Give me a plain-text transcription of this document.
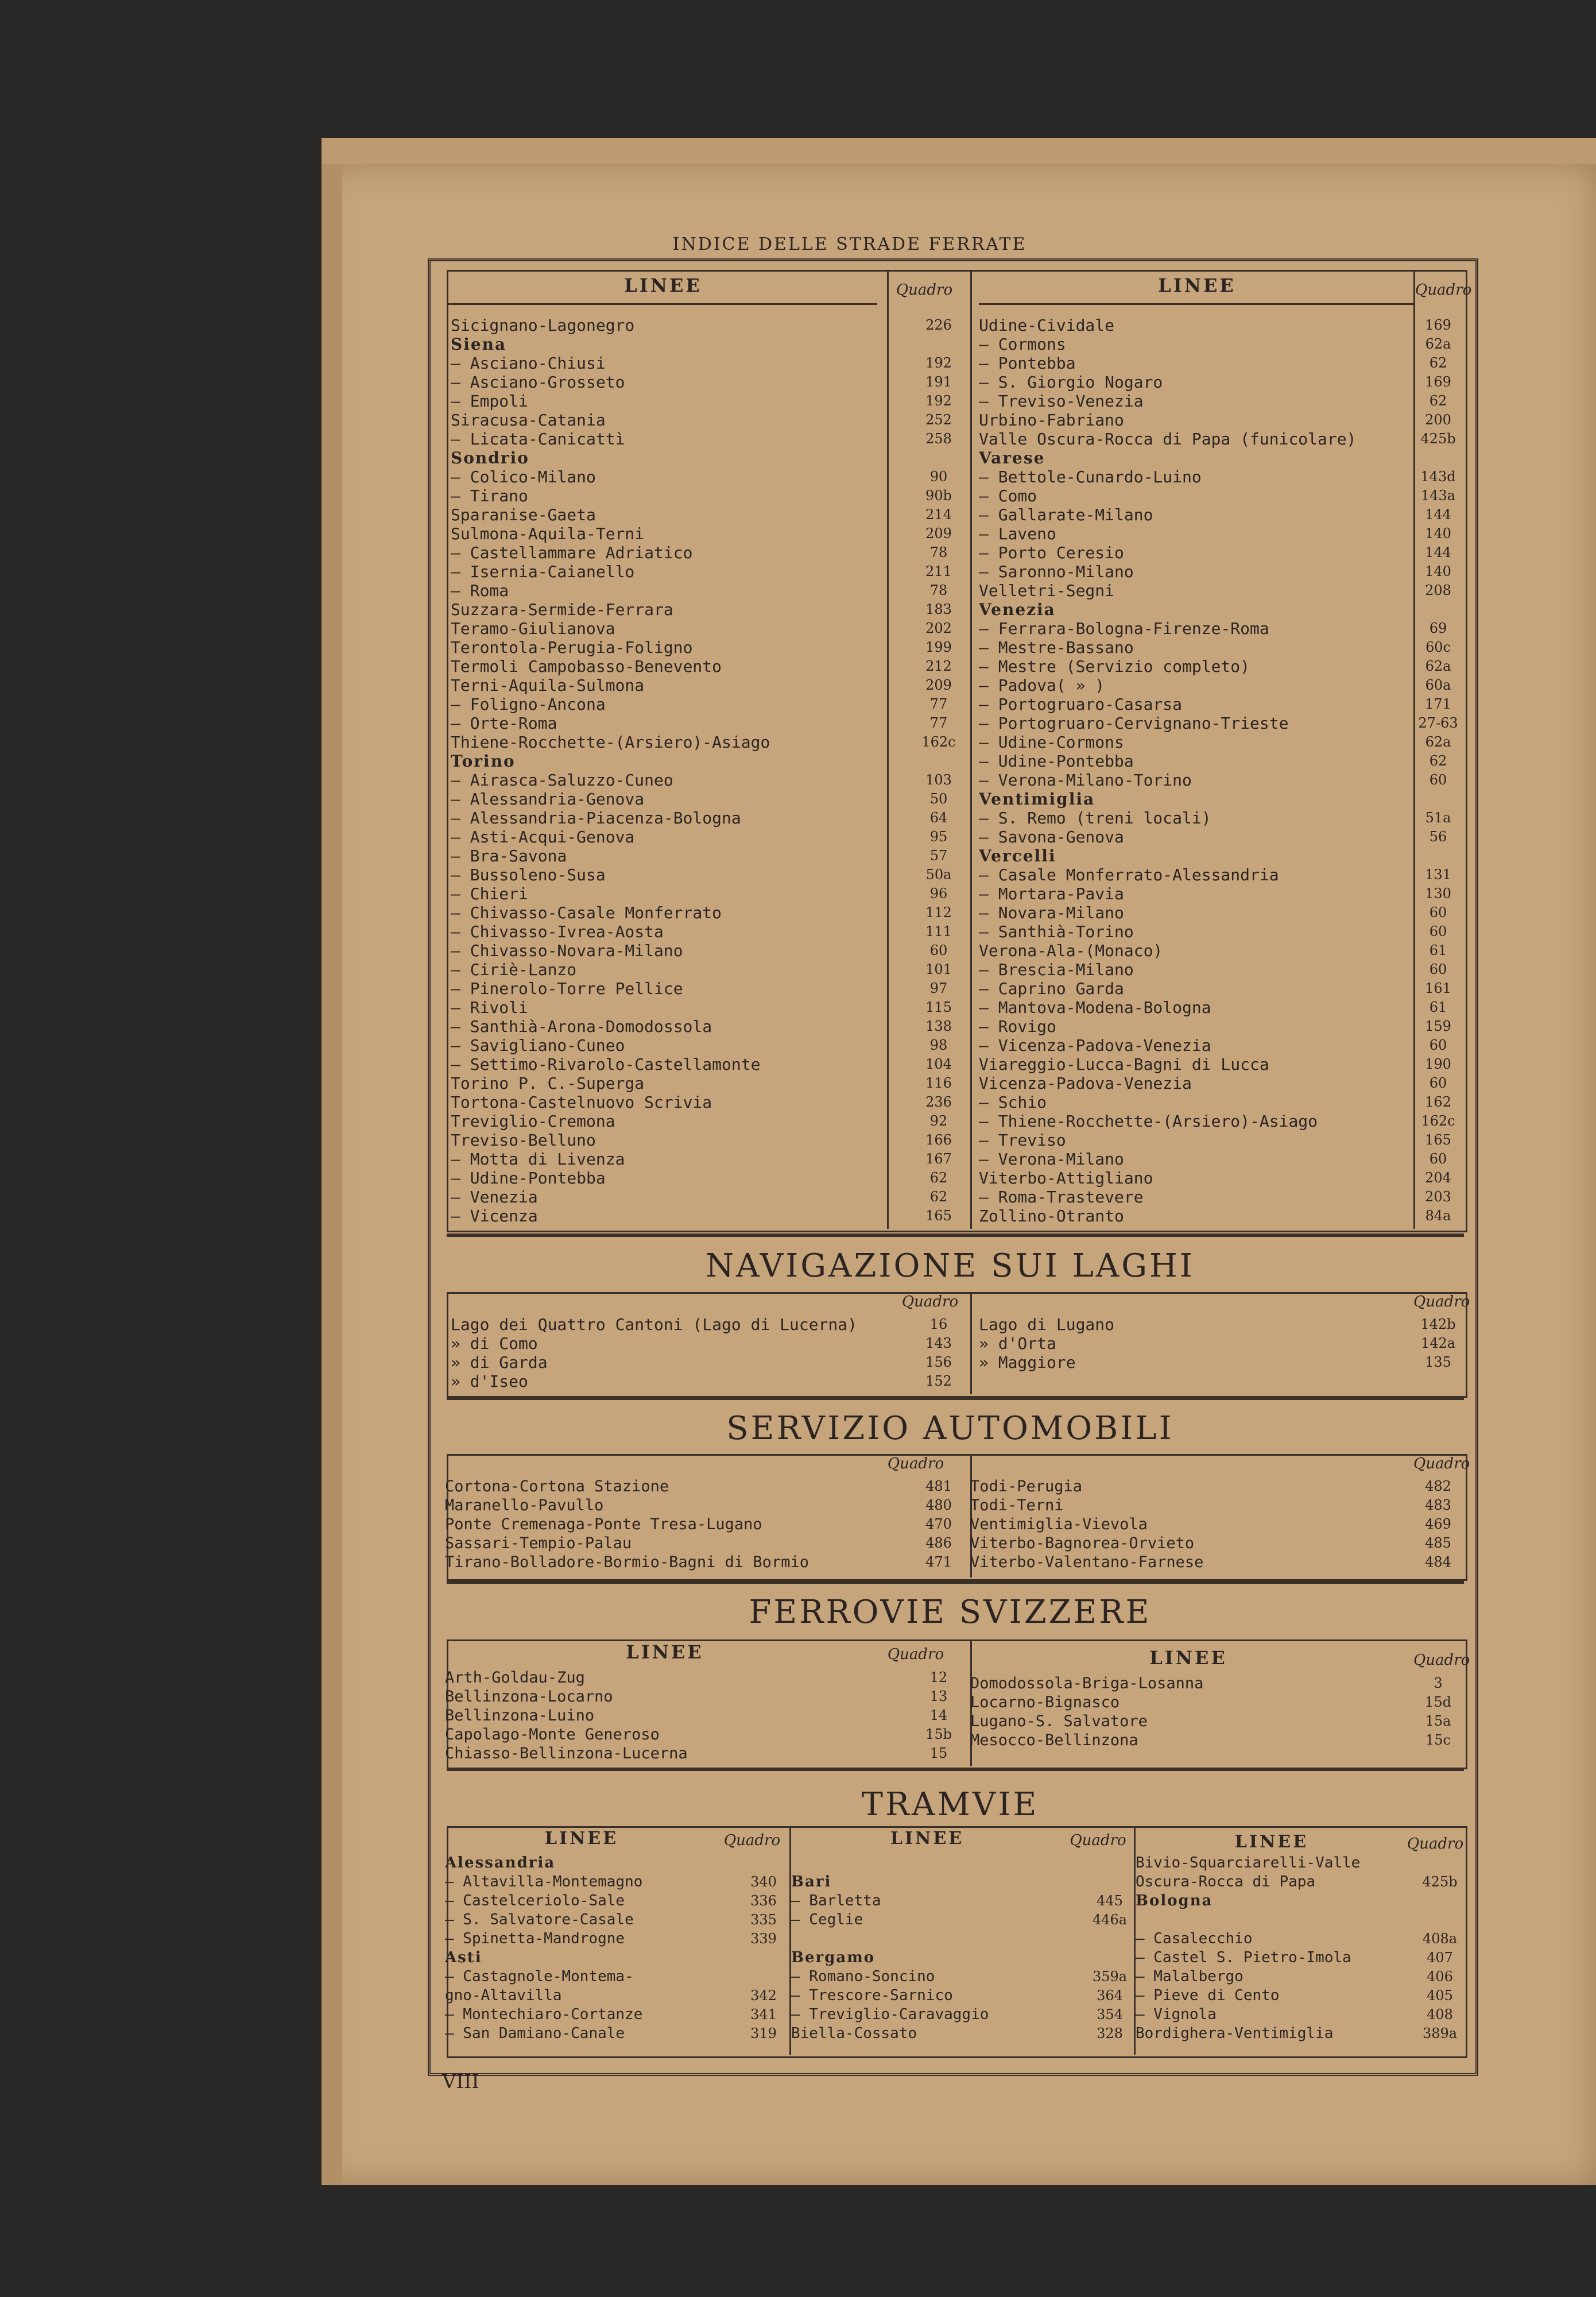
INDICE DELLE STRADE FERRATE
LINEE	Quadro	LINEE	Quadro
Sicignano-Lagonegro	226
Siena
— Asciano-Chiusi	192
— Asciano-Grosseto	191
— Empoli	192
Siracusa-Catania	252
— Licata-Canicattì	258
Sondrio
— Colico-Milano	90
— Tirano	90b
Sparanise-Gaeta	214
Sulmona-Aquila-Terni	209
— Castellammare Adriatico	78
— Isernia-Caianello	211
— Roma	78
Suzzara-Sermide-Ferrara	183
Teramo-Giulianova	202
Terontola-Perugia-Foligno	199
Termoli Campobasso-Benevento	212
Terni-Aquila-Sulmona	209
— Foligno-Ancona	77
— Orte-Roma	77
Thiene-Rocchette-(Arsiero)-Asiago	162c
Torino
— Airasca-Saluzzo-Cuneo	103
— Alessandria-Genova	50
— Alessandria-Piacenza-Bologna	64
— Asti-Acqui-Genova	95
— Bra-Savona	57
— Bussoleno-Susa	50a
— Chieri	96
— Chivasso-Casale Monferrato	112
— Chivasso-Ivrea-Aosta	111
— Chivasso-Novara-Milano	60
— Ciriè-Lanzo	101
— Pinerolo-Torre Pellice	97
— Rivoli	115
— Santhià-Arona-Domodossola	138
— Savigliano-Cuneo	98
— Settimo-Rivarolo-Castellamonte	104
Torino P. C.-Superga	116
Tortona-Castelnuovo Scrivia	236
Treviglio-Cremona	92
Treviso-Belluno	166
— Motta di Livenza	167
— Udine-Pontebba	62
— Venezia	62
— Vicenza	165
Udine-Cividale	169
— Cormons	62a
— Pontebba	62
— S. Giorgio Nogaro	169
— Treviso-Venezia	62
Urbino-Fabriano	200
Valle Oscura-Rocca di Papa (funicolare)	425b
Varese
— Bettole-Cunardo-Luino	143d
— Como	143a
— Gallarate-Milano	144
— Laveno	140
— Porto Ceresio	144
— Saronno-Milano	140
Velletri-Segni	208
Venezia
— Ferrara-Bologna-Firenze-Roma	69
— Mestre-Bassano	60c
— Mestre (Servizio completo)	62a
— Padova( » )	60a
— Portogruaro-Casarsa	171
— Portogruaro-Cervignano-Trieste	27-63
— Udine-Cormons	62a
— Udine-Pontebba	62
— Verona-Milano-Torino	60
Ventimiglia
— S. Remo (treni locali)	51a
— Savona-Genova	56
Vercelli
— Casale Monferrato-Alessandria	131
— Mortara-Pavia	130
— Novara-Milano	60
— Santhià-Torino	60
Verona-Ala-(Monaco)	61
— Brescia-Milano	60
— Caprino Garda	161
— Mantova-Modena-Bologna	61
— Rovigo	159
— Vicenza-Padova-Venezia	60
Viareggio-Lucca-Bagni di Lucca	190
Vicenza-Padova-Venezia	60
— Schio	162
— Thiene-Rocchette-(Arsiero)-Asiago	162c
— Treviso	165
— Verona-Milano	60
Viterbo-Attigliano	204
— Roma-Trastevere	203
Zollino-Otranto	84a
NAVIGAZIONE SUI LAGHI
Quadro	Quadro
Lago dei Quattro Cantoni (Lago di Lucerna)	16
» di Como	143
» di Garda	156
» d'Iseo	152
Lago di Lugano	142b
» d'Orta	142a
» Maggiore	135
SERVIZIO AUTOMOBILI
Quadro	Quadro
Cortona-Cortona Stazione	481
Maranello-Pavullo	480
Ponte Cremenaga-Ponte Tresa-Lugano	470
Sassari-Tempio-Palau	486
Tirano-Bolladore-Bormio-Bagni di Bormio	471
Todi-Perugia	482
Todi-Terni	483
Ventimiglia-Vievola	469
Viterbo-Bagnorea-Orvieto	485
Viterbo-Valentano-Farnese	484
FERROVIE SVIZZERE
LINEE	Quadro	LINEE	Quadro
Arth-Goldau-Zug	12
Bellinzona-Locarno	13
Bellinzona-Luino	14
Capolago-Monte Generoso	15b
Chiasso-Bellinzona-Lucerna	15
Domodossola-Briga-Losanna	3
Locarno-Bignasco	15d
Lugano-S. Salvatore	15a
Mesocco-Bellinzona	15c
TRAMVIE
LINEE	Quadro	LINEE	Quadro	LINEE	Quadro
Alessandria
— Altavilla-Montemagno	340
— Castelceriolo-Sale	336
— S. Salvatore-Casale	335
— Spinetta-Mandrogne	339
Asti
— Castagnole-Montema-
gno-Altavilla	342
— Montechiaro-Cortanze	341
— San Damiano-Canale	319
Bari
— Barletta	445
— Ceglie	446a
Bergamo
— Romano-Soncino	359a
— Trescore-Sarnico	364
— Treviglio-Caravaggio	354
Biella-Cossato	328
Bivio-Squarciarelli-Valle
Oscura-Rocca di Papa	425b
Bologna
— Casalecchio	408a
— Castel S. Pietro-Imola	407
— Malalbergo	406
— Pieve di Cento	405
— Vignola	408
Bordighera-Ventimiglia	389a
VIII
